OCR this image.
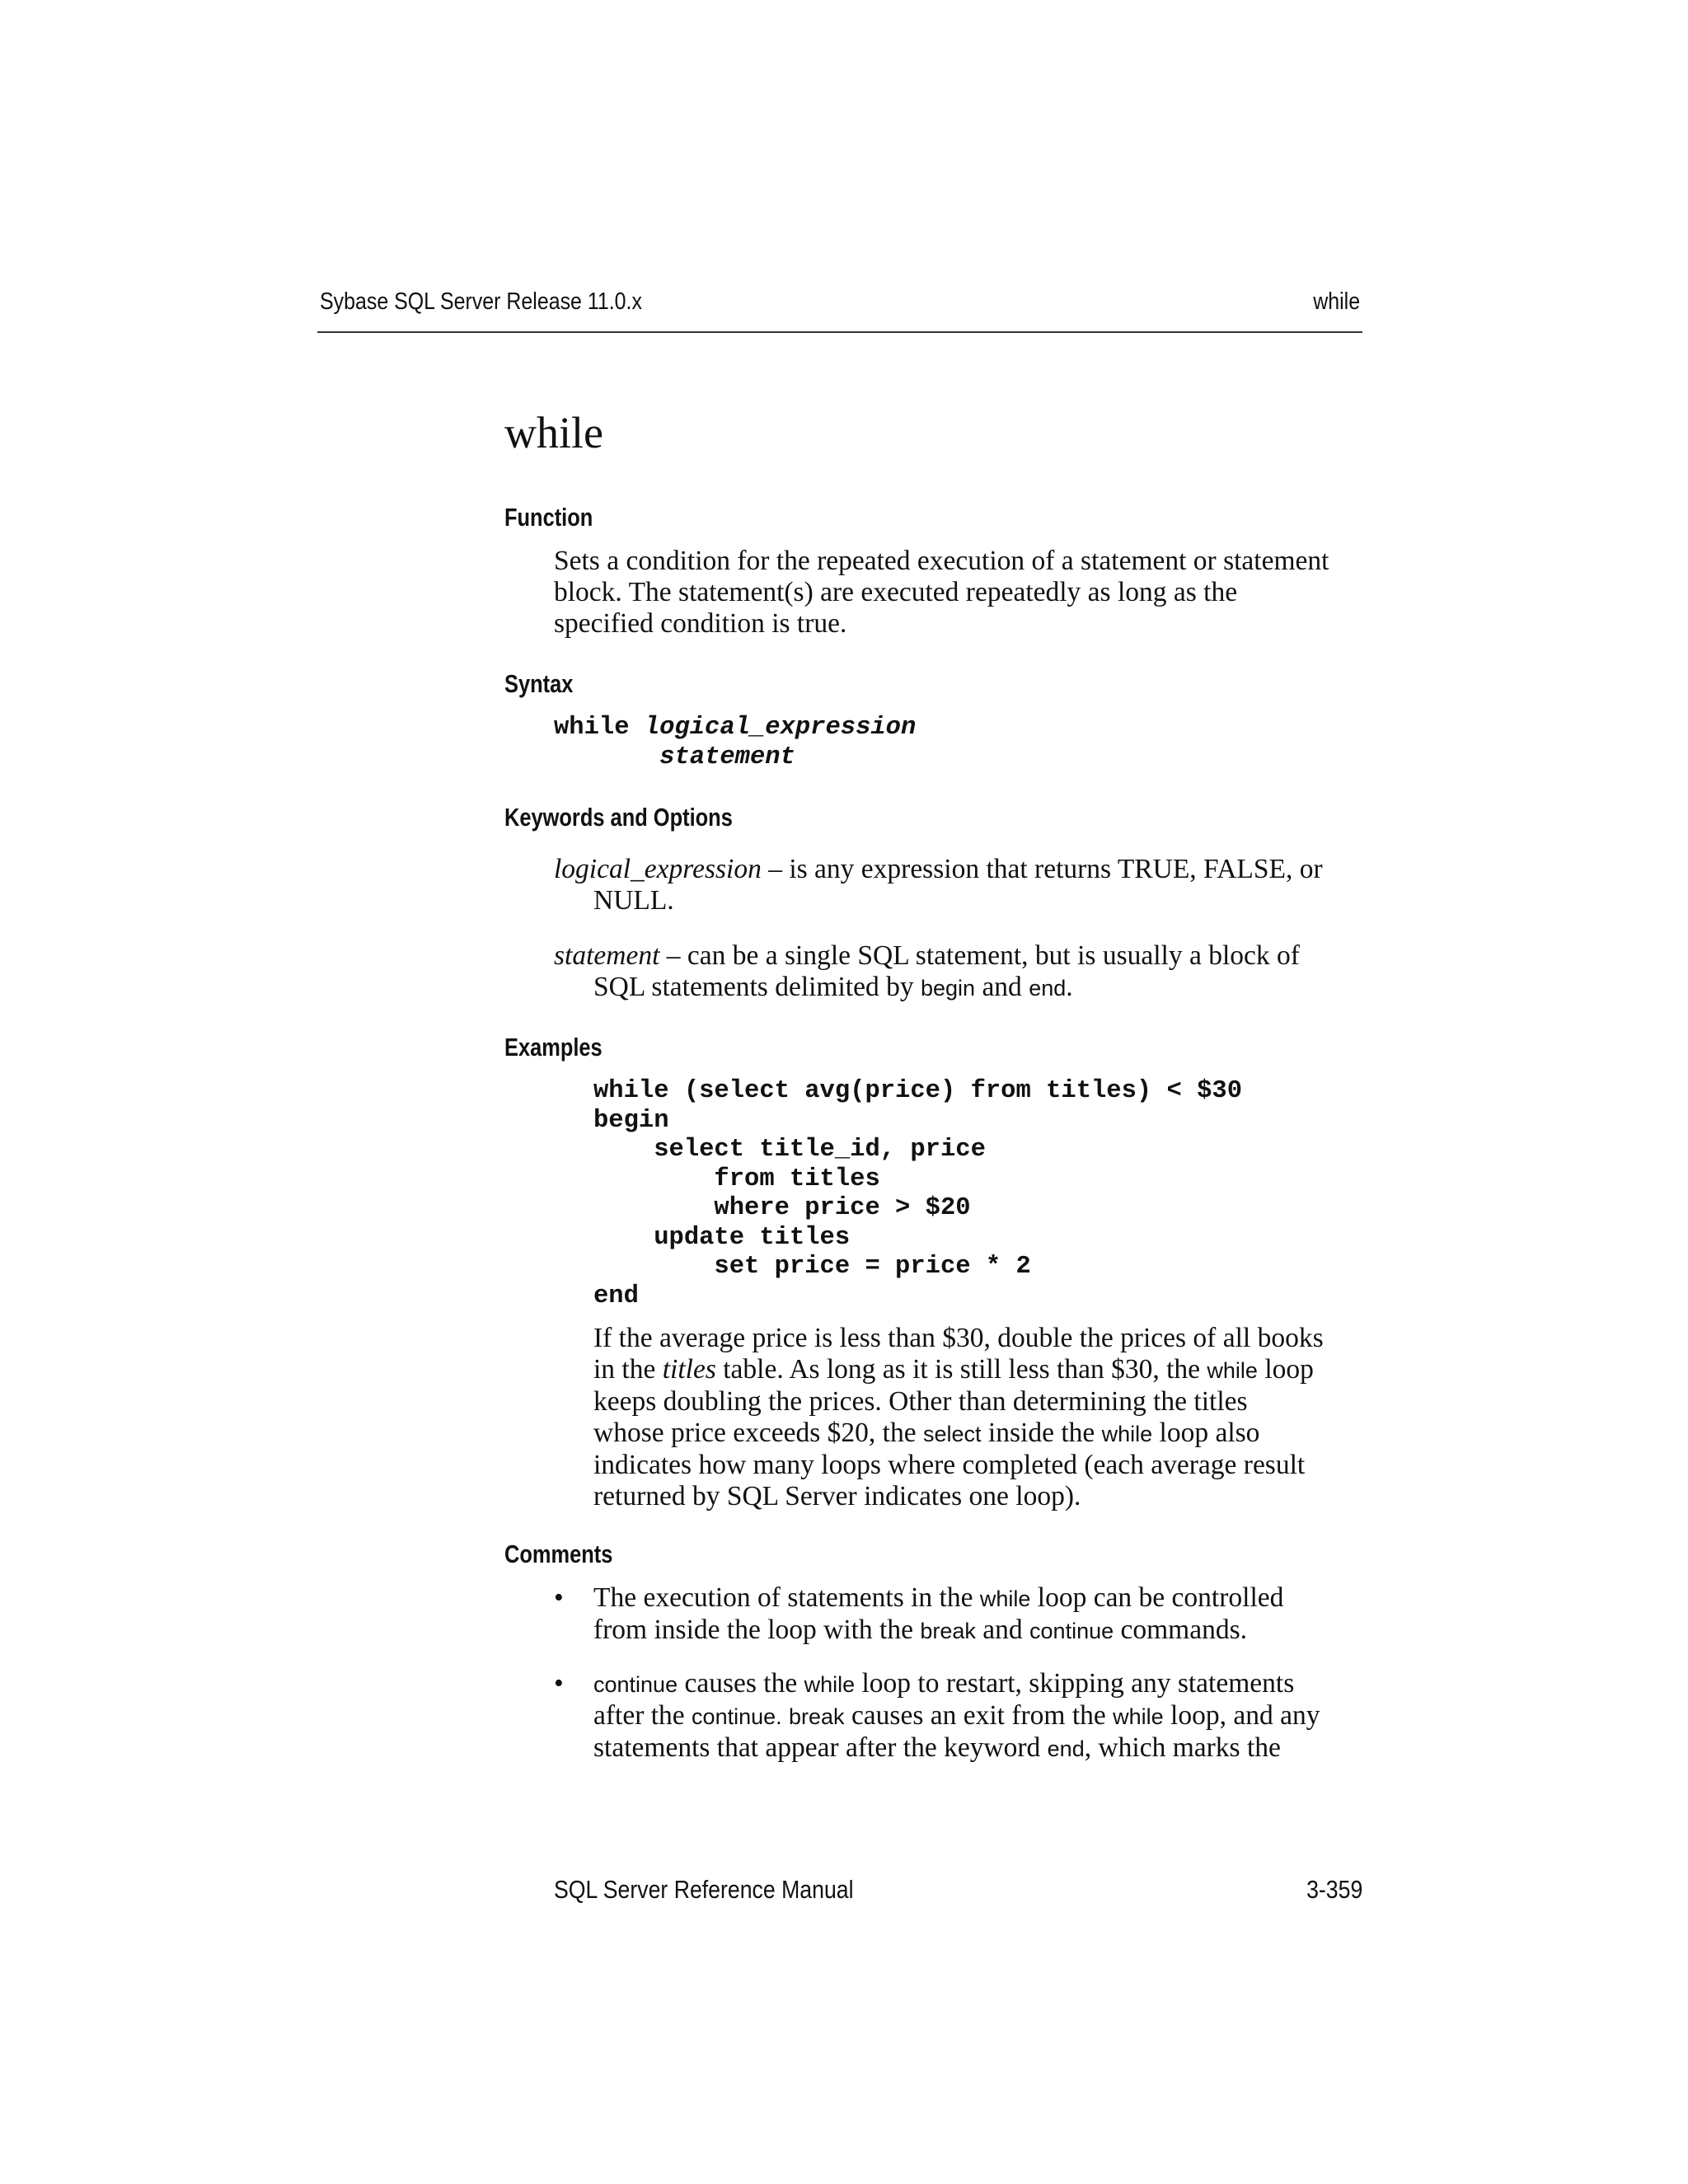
Sybase SQL Server Release 11.0.x	while
while
Function
Sets a condition for the repeated execution of a statement or statement
block. The statement(s) are executed repeatedly as long as the
specified condition is true.
Syntax
while logical_expression
statement
Keywords and Options
logical_expression – is any expression that returns TRUE, FALSE, or
NULL.
statement – can be a single SQL statement, but is usually a block of
SQL statements delimited by begin and end.
Examples
while (select avg(price) from titles) < $30
begin
select title_id, price
from titles
where price > $20
update titles
set price = price * 2
end
If the average price is less than $30, double the prices of all books
in the titles table. As long as it is still less than $30, the while loop
keeps doubling the prices. Other than determining the titles
whose price exceeds $20, the select inside the while loop also
indicates how many loops where completed (each average result
returned by SQL Server indicates one loop).
Comments
•	The execution of statements in the while loop can be controlled
from inside the loop with the break and continue commands.
•	continue causes the while loop to restart, skipping any statements
after the continue. break causes an exit from the while loop, and any
statements that appear after the keyword end, which marks the
SQL Server Reference Manual	3-359
